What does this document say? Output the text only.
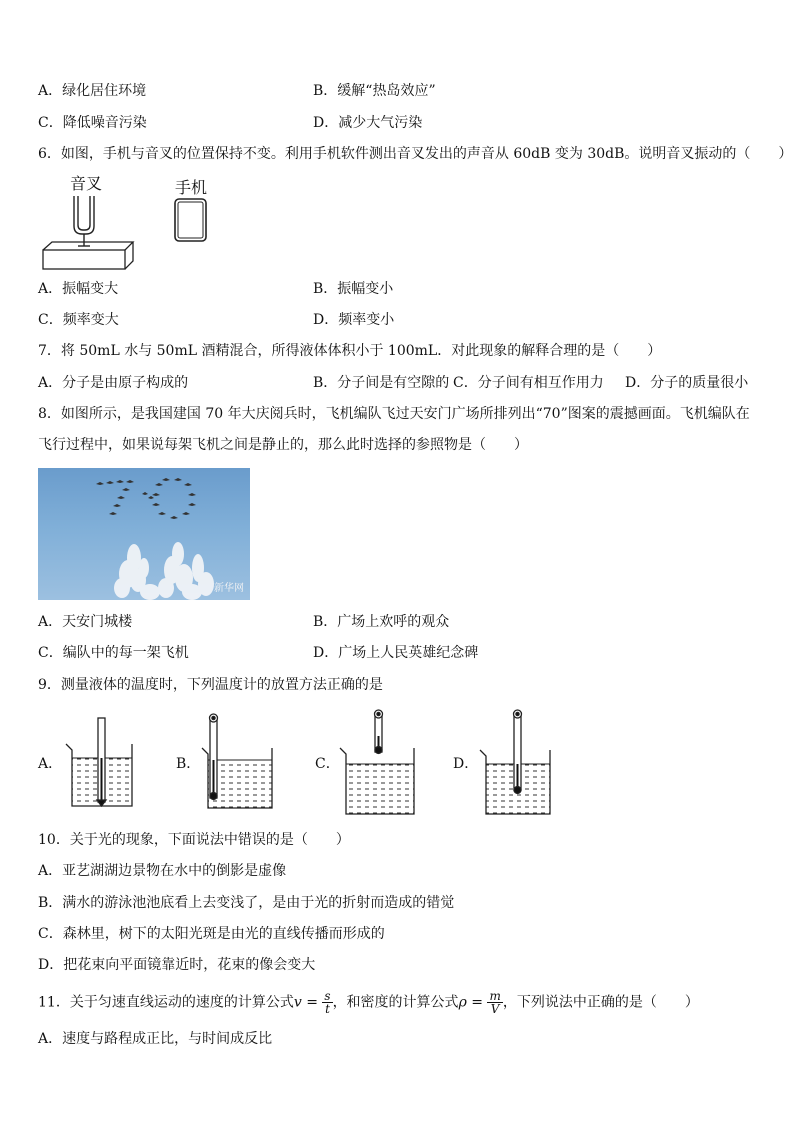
A．绿化居住环境	B．缓解“热岛效应”
C．降低噪音污染	D．减少大气污染
6．如图，手机与音叉的位置保持不变。利用手机软件测出音叉发出的声音从 60dB 变为 30dB。说明音叉振动的（　　）
音叉	手机
A．振幅变大	B．振幅变小
C．频率变大	D．频率变小
7．将 50mL 水与 50mL 酒精混合，所得液体体积小于 100mL．对此现象的解释合理的是（　　）
A．分子是由原子构成的	B．分子间是有空隙的 C．分子间有相互作用力 D．分子的质量很小
8．如图所示，是我国建国 70 年大庆阅兵时，飞机编队飞过天安门广场所排列出“70”图案的震撼画面。飞机编队在
飞行过程中，如果说每架飞机之间是静止的，那么此时选择的参照物是（　　）
新华网
A．天安门城楼	B．广场上欢呼的观众
C．编队中的每一架飞机	D．广场上人民英雄纪念碑
9．测量液体的温度时，下列温度计的放置方法正确的是
A．	B．	C．	D．
10．关于光的现象，下面说法中错误的是（　　）
A．亚艺湖湖边景物在水中的倒影是虚像
B．满水的游泳池池底看上去变浅了，是由于光的折射而造成的错觉
C．森林里，树下的太阳光斑是由光的直线传播而形成的
D．把花束向平面镜靠近时，花束的像会变大
11．关于匀速直线运动的速度的计算公式$v = \frac{s}{t}$ ，和密度的计算公式$\rho = \frac{m}{V}$ ，下列说法中正确的是（　　）
A．速度与路程成正比，与时间成反比
